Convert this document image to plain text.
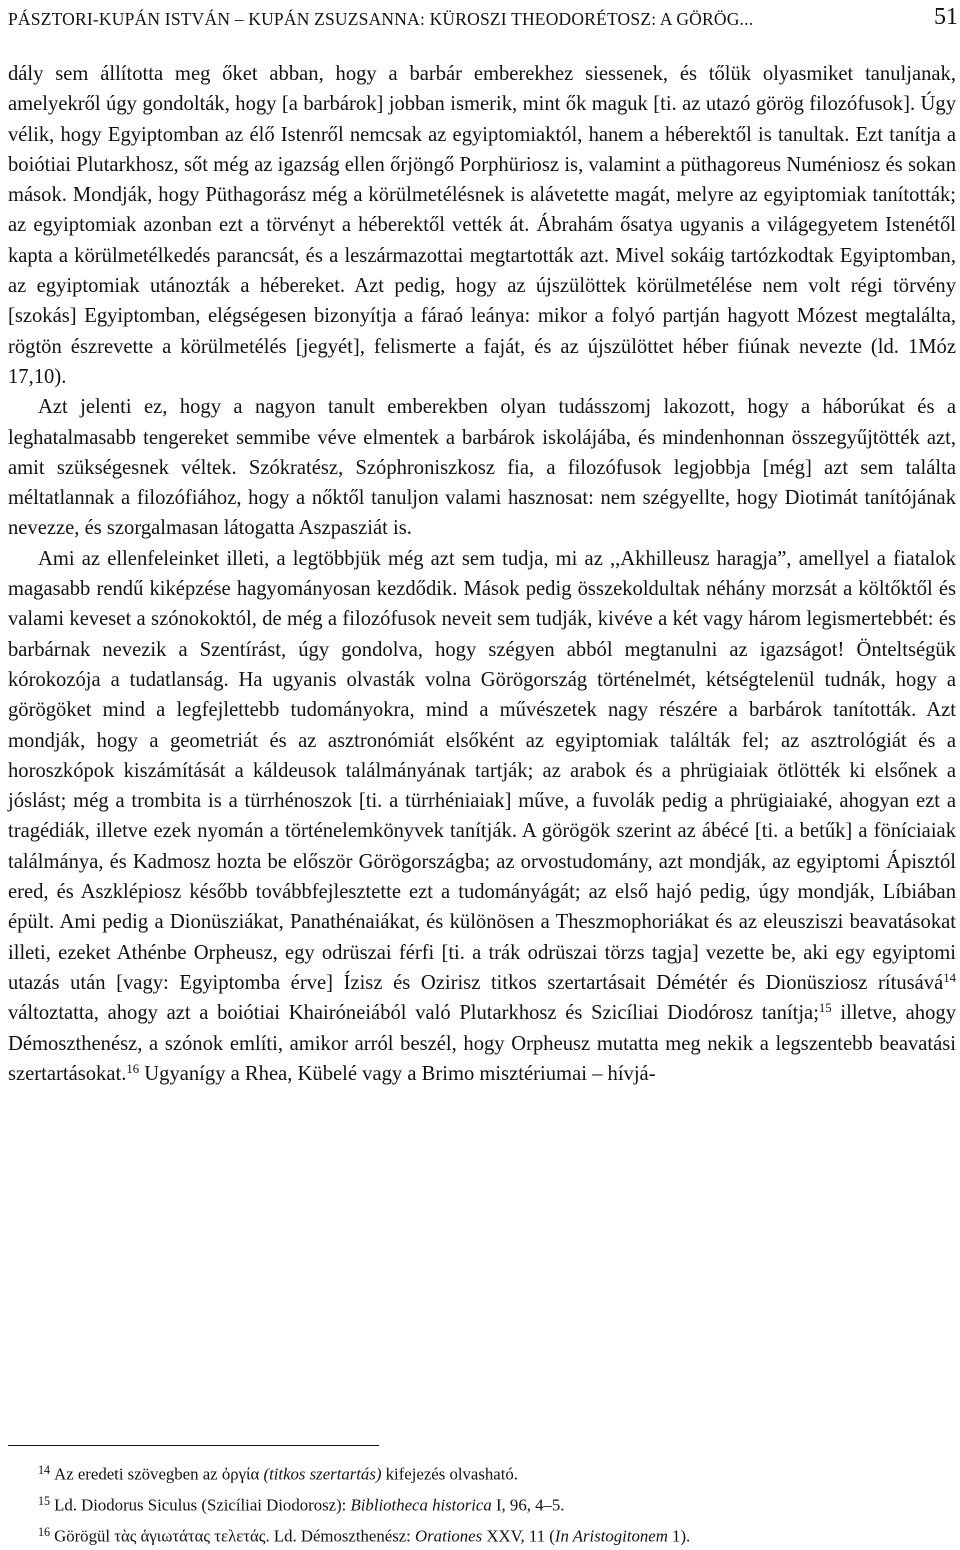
PÁSZTORI-KUPÁN ISTVÁN – KUPÁN ZSUZSANNA: KÜROSZI THEODORÉTOSZ: A GÖRÖG...	51

dály sem állította meg őket abban, hogy a barbár emberekhez siessenek, és tőlük olyasmiket tanuljanak, amelyekről úgy gondolták, hogy [a barbárok] jobban ismerik, mint ők maguk [ti. az utazó görög filozófusok]. Úgy vélik, hogy Egyiptomban az élő Istenről nemcsak az egyiptomiaktól, hanem a héberektől is tanultak. Ezt tanítja a boiótiai Plutarkhosz, sőt még az igazság ellen őrjöngő Porphüriosz is, valamint a püthagoreus Numéniosz és sokan mások. Mondják, hogy Püthagorász még a körülmetélésnek is alávetette magát, melyre az egyiptomiak tanították; az egyiptomiak azonban ezt a törvényt a héberektől vették át. Ábrahám ősatya ugyanis a világegyetem Istenétől kapta a körülmetélkedés parancsát, és a leszármazottai megtartották azt. Mivel sokáig tartózkodtak Egyiptomban, az egyiptomiak utánozták a hébereket. Azt pedig, hogy az újszülöttek körülmetélése nem volt régi törvény [szokás] Egyiptomban, elégségesen bizonyítja a fáraó leánya: mikor a folyó partján hagyott Mózest megtalálta, rögtön észrevette a körülmetélés [jegyét], felismerte a faját, és az újszülöttet héber fiúnak nevezte (ld. 1Móz 17,10).

Azt jelenti ez, hogy a nagyon tanult emberekben olyan tudásszomj lakozott, hogy a háborúkat és a leghatalmasabb tengereket semmibe véve elmentek a barbárok iskolájába, és mindenhonnan összegyűjtötték azt, amit szükségesnek véltek. Szókratész, Szóphroniszkosz fia, a filozófusok legjobbja [még] azt sem találta méltatlannak a filozófiához, hogy a nőktől tanuljon valami hasznosat: nem szégyellte, hogy Diotimát tanítójának nevezze, és szorgalmasan látogatta Aszpasziát is.

Ami az ellenfeleinket illeti, a legtöbbjük még azt sem tudja, mi az ,,Akhilleusz haragja”, amellyel a fiatalok magasabb rendű kiképzése hagyományosan kezdődik. Mások pedig összekoldultak néhány morzsát a költőktől és valami keveset a szónokoktól, de még a filozófusok neveit sem tudják, kivéve a két vagy három legismertebbét: és barbárnak nevezik a Szentírást, úgy gondolva, hogy szégyen abból megtanulni az igazságot! Önteltségük kórokozója a tudatlanság. Ha ugyanis olvasták volna Görögország történelmét, kétségtelenül tudnák, hogy a görögöket mind a legfejlettebb tudományokra, mind a művészetek nagy részére a barbárok tanították. Azt mondják, hogy a geometriát és az asztronómiát elsőként az egyiptomiak találták fel; az asztrológiát és a horoszkópok kiszámítását a káldeusok találmányának tartják; az arabok és a phrügiaiak ötlötték ki elsőnek a jóslást; még a trombita is a türrhénoszok [ti. a türrhéniaiak] műve, a fuvolák pedig a phrügiaiaké, ahogyan ezt a tragédiák, illetve ezek nyomán a történelemkönyvek tanítják. A görögök szerint az ábécé [ti. a betűk] a föníciaiak találmánya, és Kadmosz hozta be először Görögországba; az orvostudomány, azt mondják, az egyiptomi Ápisztól ered, és Aszklépiosz később továbbfejlesztette ezt a tudományágát; az első hajó pedig, úgy mondják, Líbiában épült. Ami pedig a Dionüsziákat, Panathénaiákat, és különösen a Theszmophoriákat és az eleusziszi beavatásokat illeti, ezeket Athénbe Orpheusz, egy odrüszai férfi [ti. a trák odrüszai törzs tagja] vezette be, aki egy egyiptomi utazás után [vagy: Egyiptomba érve] Ízisz és Ozirisz titkos szertartásait Démétér és Dionüsziosz rítusává$^{14}$ változtatta, ahogy azt a boiótiai Khairóneiából való Plutarkhosz és Szicíliai Diodórosz tanítja;$^{15}$ illetve, ahogy Démoszthenész, a szónok említi, amikor arról beszél, hogy Orpheusz mutatta meg nekik a legszentebb beavatási szertartásokat.$^{16}$ Ugyanígy a Rhea, Kübelé vagy a Brimo misztériumai – hívjá-

$^{14}$ Az eredeti szövegben az ὀργία (titkos szertartás) kifejezés olvasható.

$^{15}$ Ld. Diodorus Siculus (Szicíliai Diodorosz): Bibliotheca historica I, 96, 4–5.

$^{16}$ Görögül τὰς ἁγιωτάτας τελετάς. Ld. Démoszthenész: Orationes XXV, 11 (In Aristogitonem 1).
